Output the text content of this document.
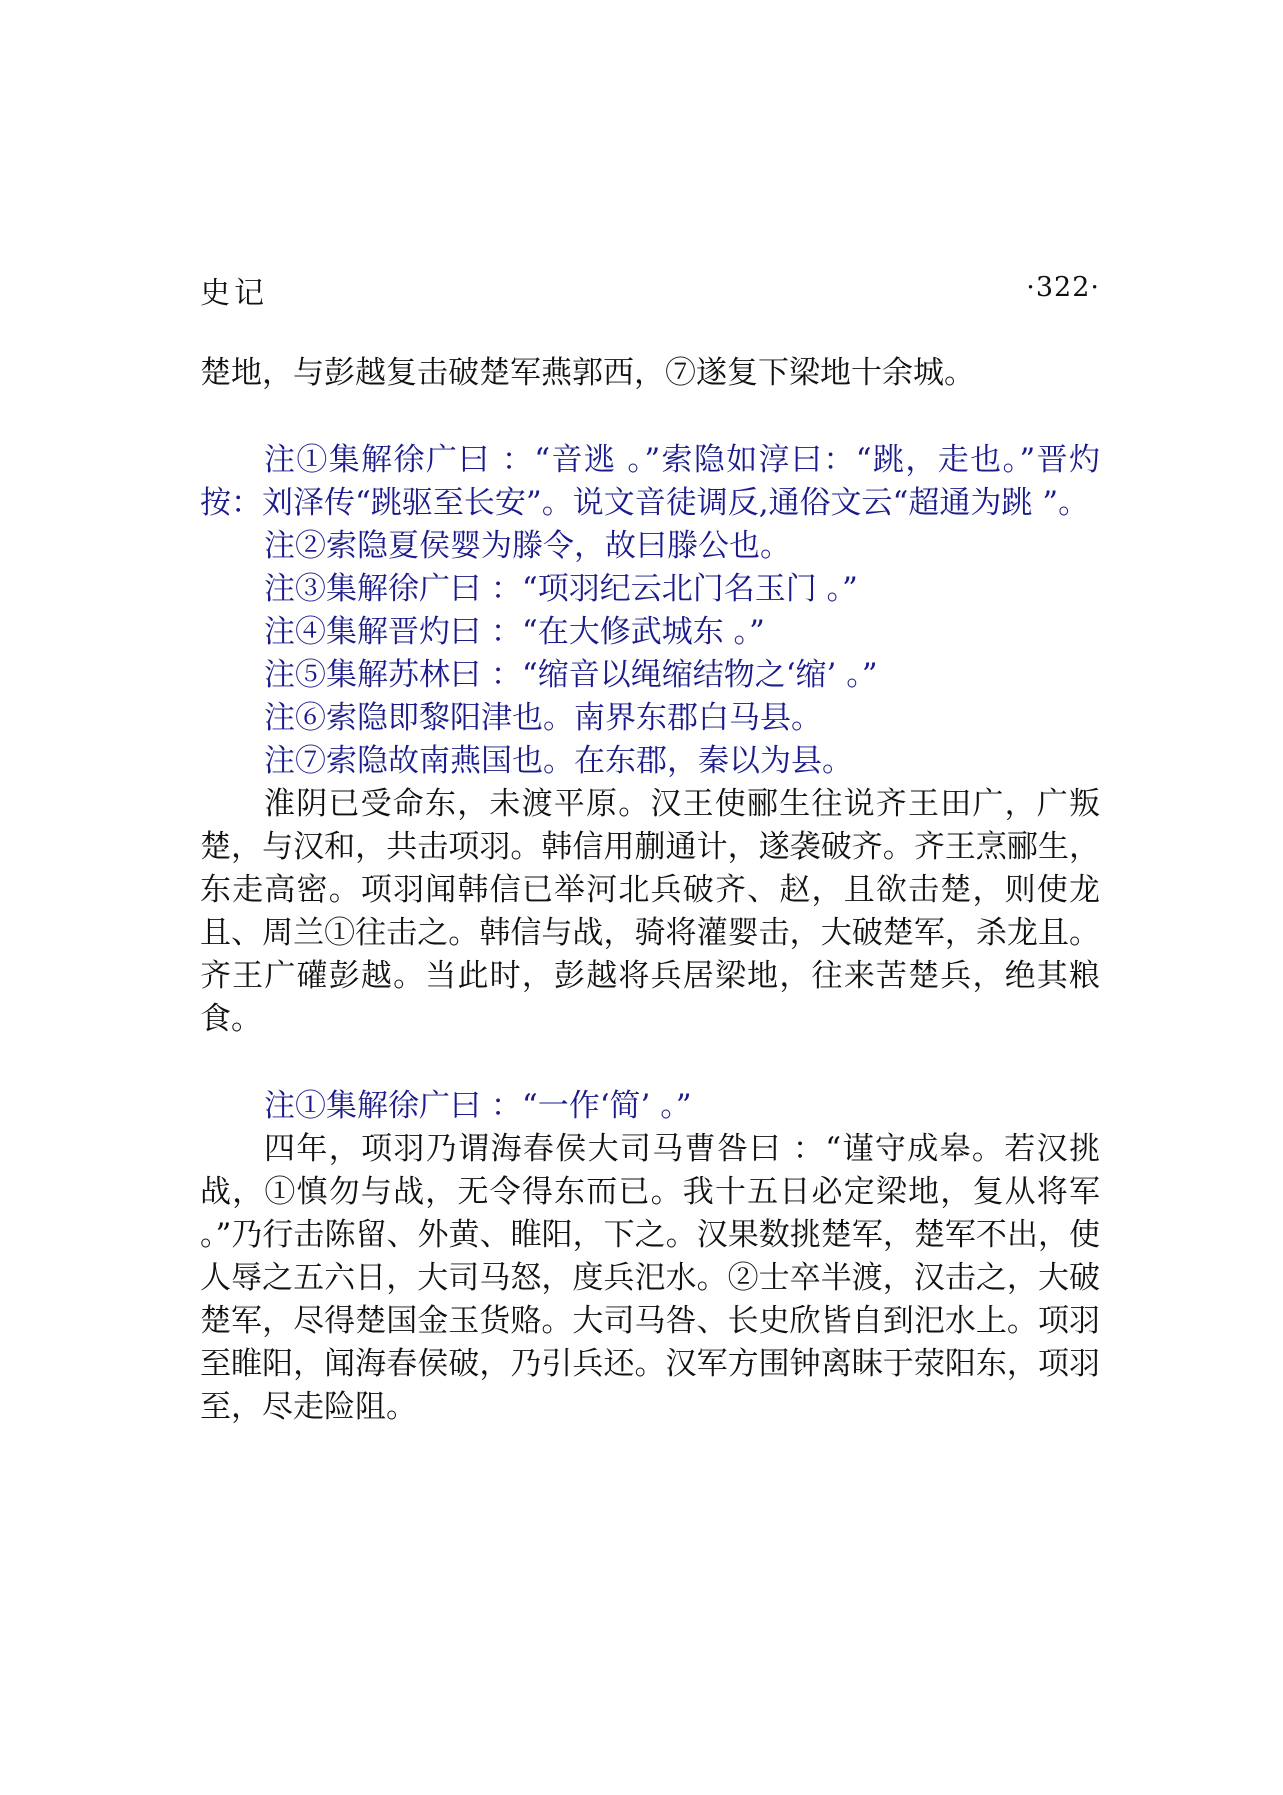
史记	·322·

楚地，与彭越复击破楚军燕郭西，⑦遂复下梁地十余城。

注①集解徐广曰 ：“音逃 。”索隐如淳曰：“跳，走也。”晋灼按：刘泽传“跳驱至长安”。说文音徒调反,通俗文云“超通为跳 ”。

注②索隐夏侯婴为滕令，故曰滕公也。

注③集解徐广曰 ：“项羽纪云北门名玉门 。”

注④集解晋灼曰 ：“在大修武城东 。”

注⑤集解苏林曰 ：“缩音以绳缩结物之‘缩’ 。”

注⑥索隐即黎阳津也。南界东郡白马县。

注⑦索隐故南燕国也。在东郡，秦以为县。

淮阴已受命东，未渡平原。汉王使郦生往说齐王田广，广叛楚，与汉和，共击项羽。韩信用蒯通计，遂袭破齐。齐王烹郦生，东走高密。项羽闻韩信已举河北兵破齐、赵，且欲击楚，则使龙且、周兰①往击之。韩信与战，骑将灌婴击，大破楚军，杀龙且。齐王广礶彭越。当此时，彭越将兵居梁地，往来苦楚兵，绝其粮食。

注①集解徐广曰 ：“一作‘简’ 。”

四年，项羽乃谓海春侯大司马曹咎曰 ：“谨守成皋。若汉挑战，①慎勿与战，无令得东而已。我十五日必定梁地，复从将军 。”乃行击陈留、外黄、睢阳，下之。汉果数挑楚军，楚军不出，使人辱之五六日，大司马怒，度兵汜水。②士卒半渡，汉击之，大破楚军，尽得楚国金玉货赂。大司马咎、长史欣皆自到汜水上。项羽至睢阳，闻海春侯破，乃引兵还。汉军方围钟离眜于荥阳东，项羽至，尽走险阻。
